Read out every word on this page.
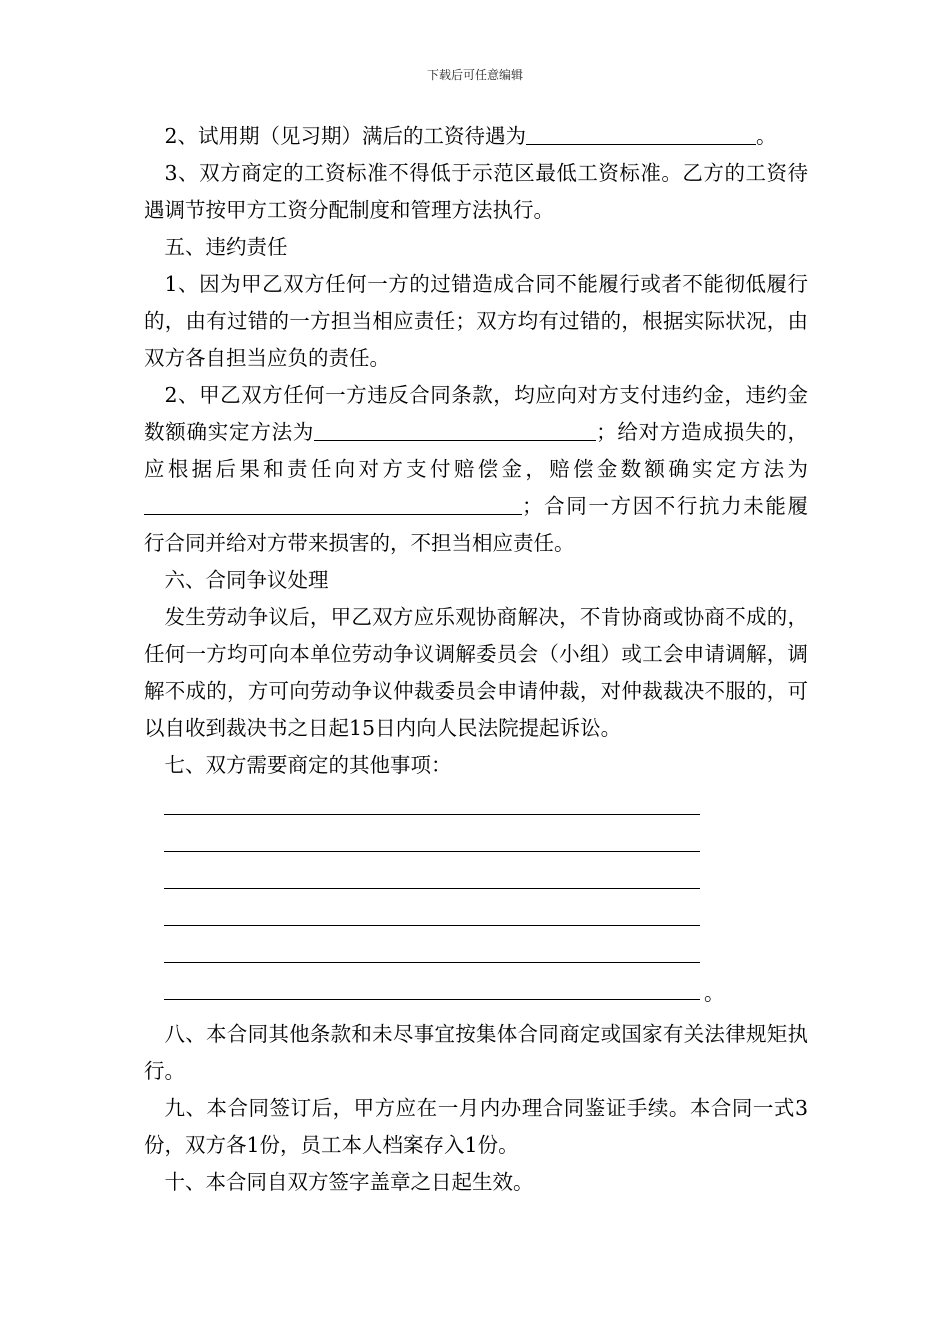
下载后可任意编辑

2、试用期（见习期）满后的工资待遇为	。

3、双方商定的工资标准不得低于示范区最低工资标准。乙方的工资待遇调节按甲方工资分配制度和管理方法执行。

五、违约责任

1、因为甲乙双方任何一方的过错造成合同不能履行或者不能彻低履行的，由有过错的一方担当相应责任；双方均有过错的，根据实际状况，由双方各自担当应负的责任。

2、甲乙双方任何一方违反合同条款，均应向对方支付违约金，违约金数额确实定方法为	；给对方造成损失的，应根据后果和责任向对方支付赔偿金，赔偿金数额确实定方法为；合同一方因不行抗力未能履行合同并给对方带来损害的，不担当相应责任。

六、合同争议处理

发生劳动争议后，甲乙双方应乐观协商解决，不肯协商或协商不成的，任何一方均可向本单位劳动争议调解委员会（小组）或工会申请调解，调解不成的，方可向劳动争议仲裁委员会申请仲裁，对仲裁裁决不服的，可以自收到裁决书之日起15日内向人民法院提起诉讼。

七、双方需要商定的其他事项：

。

八、本合同其他条款和未尽事宜按集体合同商定或国家有关法律规矩执行。

九、本合同签订后，甲方应在一月内办理合同鉴证手续。本合同一式3份，双方各1份，员工本人档案存入1份。

十、本合同自双方签字盖章之日起生效。
